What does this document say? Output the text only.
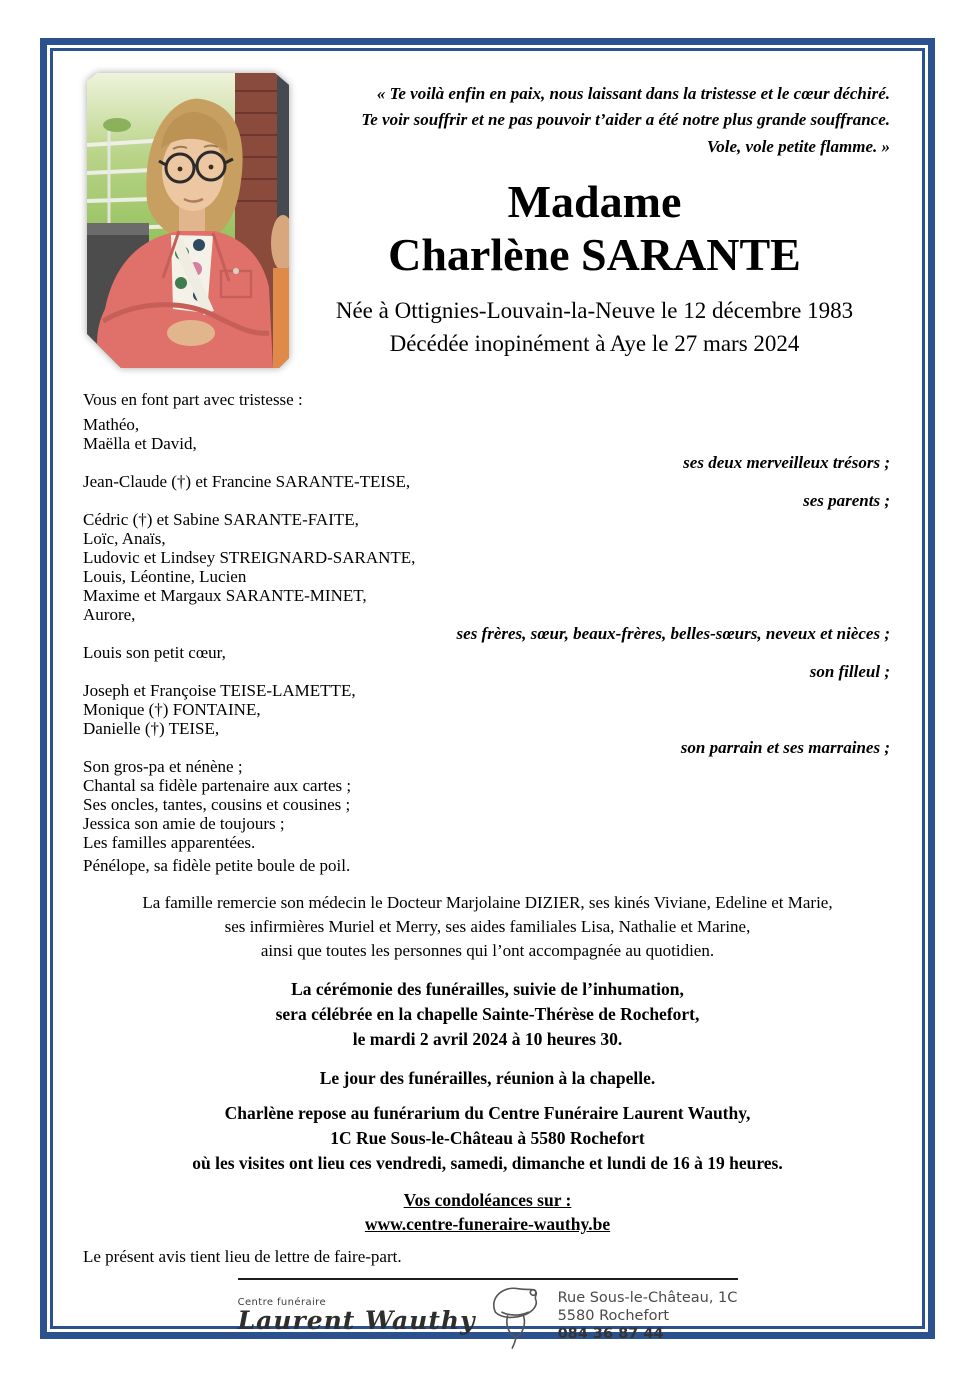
« Te voilà enfin en paix, nous laissant dans la tristesse et le cœur déchiré.
Te voir souffrir et ne pas pouvoir t’aider a été notre plus grande souffrance.
Vole, vole petite flamme. »
Madame
Charlène SARANTE
Née à Ottignies-Louvain-la-Neuve le 12 décembre 1983
Décédée inopinément à Aye le 27 mars 2024
Vous en font part avec tristesse :
Mathéo,
Maëlla et David,
ses deux merveilleux trésors ;
Jean-Claude (†) et Francine SARANTE-TEISE,
ses parents ;
Cédric (†) et Sabine SARANTE-FAITE,
Loïc, Anaïs,
Ludovic et Lindsey STREIGNARD-SARANTE,
Louis, Léontine, Lucien
Maxime et Margaux SARANTE-MINET,
Aurore,
ses frères, sœur, beaux-frères, belles-sœurs, neveux et nièces ;
Louis son petit cœur,
son filleul ;
Joseph et Françoise TEISE-LAMETTE,
Monique (†) FONTAINE,
Danielle (†) TEISE,
son parrain et ses marraines ;
Son gros-pa et nénène ;
Chantal sa fidèle partenaire aux cartes ;
Ses oncles, tantes, cousins et cousines ;
Jessica son amie de toujours ;
Les familles apparentées.
Pénélope, sa fidèle petite boule de poil.
La famille remercie son médecin le Docteur Marjolaine DIZIER, ses kinés Viviane, Edeline et Marie,
ses infirmières Muriel et Merry, ses aides familiales Lisa, Nathalie et Marine,
ainsi que toutes les personnes qui l’ont accompagnée au quotidien.
La cérémonie des funérailles, suivie de l’inhumation,
sera célébrée en la chapelle Sainte-Thérèse de Rochefort,
le mardi 2 avril 2024 à 10 heures 30.
Le jour des funérailles, réunion à la chapelle.
Charlène repose au funérarium du Centre Funéraire Laurent Wauthy,
1C Rue Sous-le-Château à 5580 Rochefort
où les visites ont lieu ces vendredi, samedi, dimanche et lundi de 16 à 19 heures.
Vos condoléances sur :
www.centre-funeraire-wauthy.be
Le présent avis tient lieu de lettre de faire-part.
Centre funéraire
Laurent Wauthy
Rue Sous-le-Château, 1C
5580 Rochefort
084 36 87 44
